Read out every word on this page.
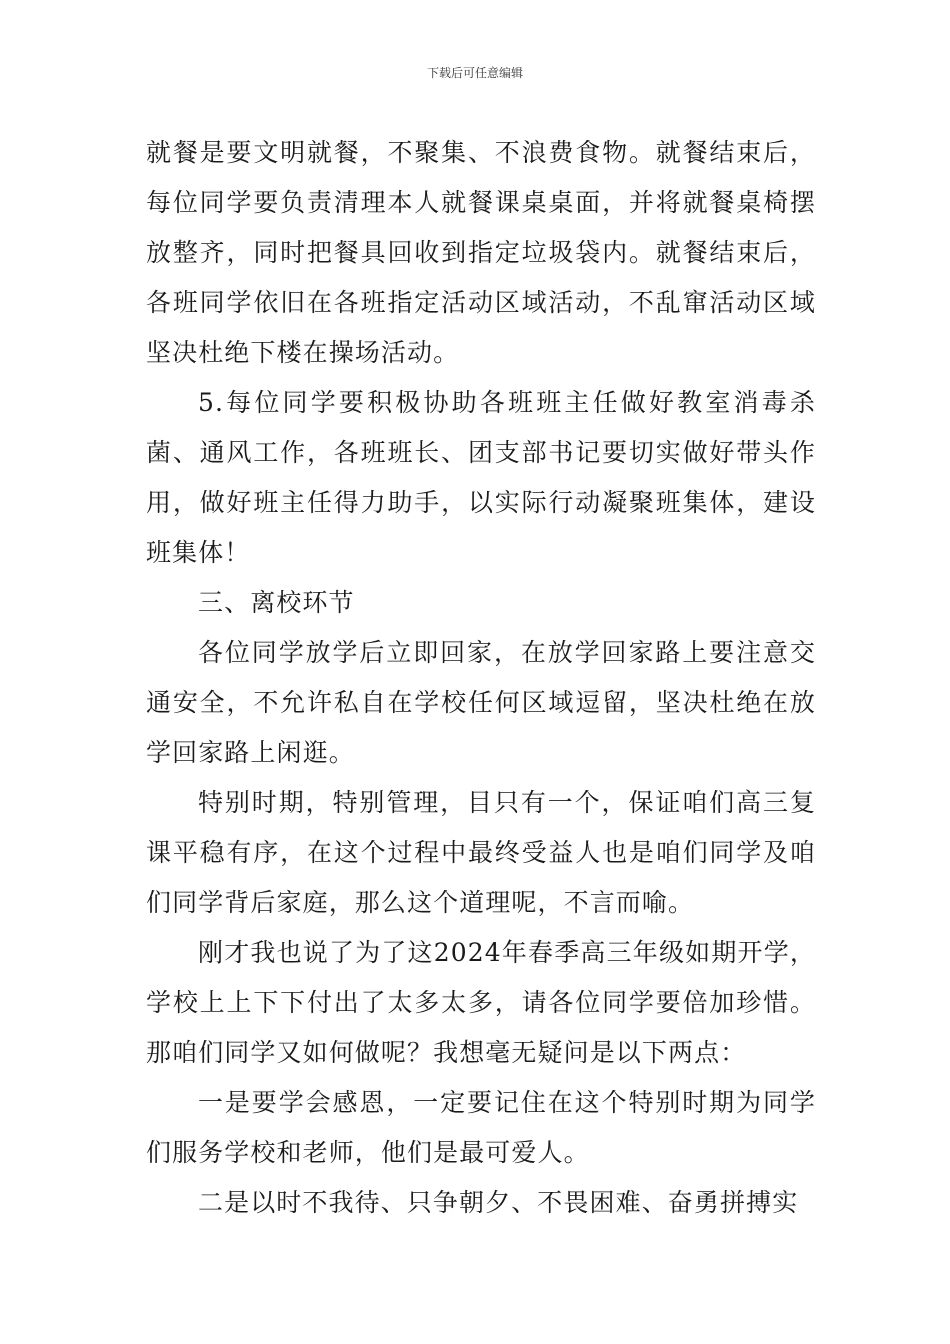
下载后可任意编辑

就餐是要文明就餐，不聚集、不浪费食物。就餐结束后，每位同学要负责清理本人就餐课桌桌面，并将就餐桌椅摆放整齐，同时把餐具回收到指定垃圾袋内。就餐结束后，各班同学依旧在各班指定活动区域活动，不乱窜活动区域坚决杜绝下楼在操场活动。

5.每位同学要积极协助各班班主任做好教室消毒杀菌、通风工作，各班班长、团支部书记要切实做好带头作用，做好班主任得力助手，以实际行动凝聚班集体，建设班集体！

三、离校环节

各位同学放学后立即回家，在放学回家路上要注意交通安全，不允许私自在学校任何区域逗留，坚决杜绝在放学回家路上闲逛。

特别时期，特别管理，目只有一个，保证咱们高三复课平稳有序，在这个过程中最终受益人也是咱们同学及咱们同学背后家庭，那么这个道理呢，不言而喻。

刚才我也说了为了这2024年春季高三年级如期开学，学校上上下下付出了太多太多，请各位同学要倍加珍惜。那咱们同学又如何做呢？我想毫无疑问是以下两点：

一是要学会感恩，一定要记住在这个特别时期为同学们服务学校和老师，他们是最可爱人。

二是以时不我待、只争朝夕、不畏困难、奋勇拼搏实
